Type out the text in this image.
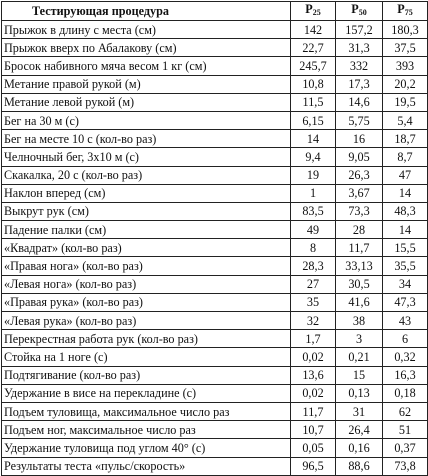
Тестирующая процедура	$P_{25}$	$P_{50}$	$P_{75}$
Прыжок в длину с места (см)	142	157,2	180,3
Прыжок вверх по Абалакову (см)	22,7	31,3	37,5
Бросок набивного мяча весом 1 кг (см)	245,7	332	393
Метание правой рукой (м)	10,8	17,3	20,2
Метание левой рукой (м)	11,5	14,6	19,5
Бег на 30 м (с)	6,15	5,75	5,4
Бег на месте 10 с (кол-во раз)	14	16	18,7
Челночный бег, 3х10 м (с)	9,4	9,05	8,7
Скакалка, 20 с (кол-во раз)	19	26,3	47
Наклон вперед (см)	1	3,67	14
Выкрут рук (см)	83,5	73,3	48,3
Падение палки (см)	49	28	14
«Квадрат» (кол-во раз)	8	11,7	15,5
«Правая нога» (кол-во раз)	28,3	33,13	35,5
«Левая нога» (кол-во раз)	27	30,5	34
«Правая рука» (кол-во раз)	35	41,6	47,3
«Левая рука» (кол-во раз)	32	38	43
Перекрестная работа рук (кол-во раз)	1,7	3	6
Стойка на 1 ноге (с)	0,02	0,21	0,32
Подтягивание (кол-во раз)	13,6	15	16,3
Удержание в висе на перекладине (с)	0,02	0,13	0,18
Подъем туловища, максимальное число раз	11,7	31	62
Подъем ног, максимальное число раз	10,7	26,4	51
Удержание туловища под углом 40° (с)	0,05	0,16	0,37
Результаты теста «пульс/скорость»	96,5	88,6	73,8
